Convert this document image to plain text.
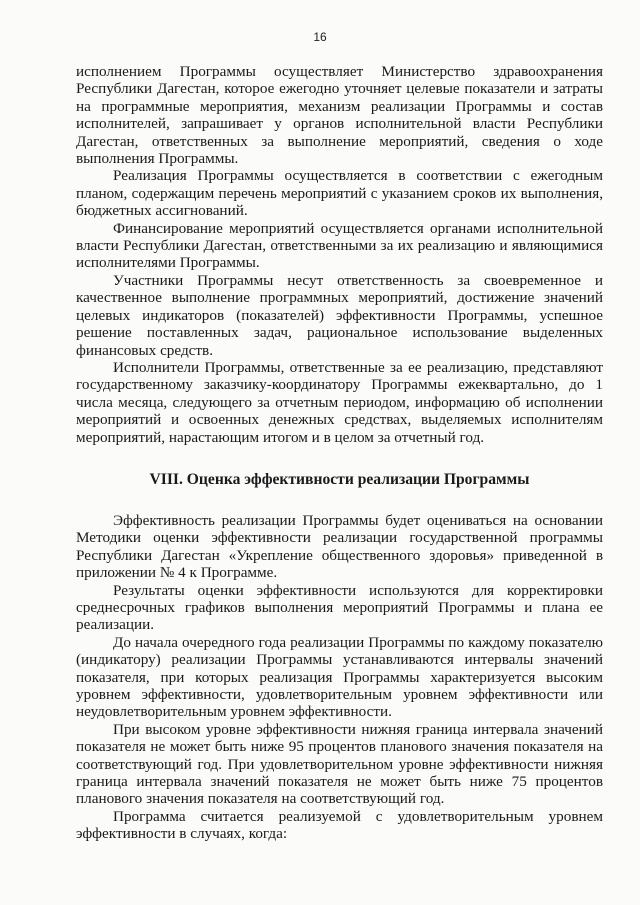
16

исполнением Программы осуществляет Министерство здравоохранения Республики Дагестан, которое ежегодно уточняет целевые показатели и затраты на программные мероприятия, механизм реализации Программы и состав исполнителей, запрашивает у органов исполнительной власти Республики Дагестан, ответственных за выполнение мероприятий, сведения о ходе выполнения Программы.

Реализация Программы осуществляется в соответствии с ежегодным планом, содержащим перечень мероприятий с указанием сроков их выполнения, бюджетных ассигнований.

Финансирование мероприятий осуществляется органами исполнительной власти Республики Дагестан, ответственными за их реализацию и являющимися исполнителями Программы.

Участники Программы несут ответственность за своевременное и качественное выполнение программных мероприятий, достижение значений целевых индикаторов (показателей) эффективности Программы, успешное решение поставленных задач, рациональное использование выделенных финансовых средств.

Исполнители Программы, ответственные за ее реализацию, представляют государственному заказчику-координатору Программы ежеквартально, до 1 числа месяца, следующего за отчетным периодом, информацию об исполнении мероприятий и освоенных денежных средствах, выделяемых исполнителям мероприятий, нарастающим итогом и в целом за отчетный год.

VIII. Оценка эффективности реализации Программы

Эффективность реализации Программы будет оцениваться на основании Методики оценки эффективности реализации государственной программы Республики Дагестан «Укрепление общественного здоровья» приведенной в приложении № 4 к Программе.

Результаты оценки эффективности используются для корректировки среднесрочных графиков выполнения мероприятий Программы и плана ее реализации.

До начала очередного года реализации Программы по каждому показателю (индикатору) реализации Программы устанавливаются интервалы значений показателя, при которых реализация Программы характеризуется высоким уровнем эффективности, удовлетворительным уровнем эффективности или неудовлетворительным уровнем эффективности.

При высоком уровне эффективности нижняя граница интервала значений показателя не может быть ниже 95 процентов планового значения показателя на соответствующий год. При удовлетворительном уровне эффективности нижняя граница интервала значений показателя не может быть ниже 75 процентов планового значения показателя на соответствующий год.

Программа считается реализуемой с удовлетворительным уровнем эффективности в случаях, когда:
